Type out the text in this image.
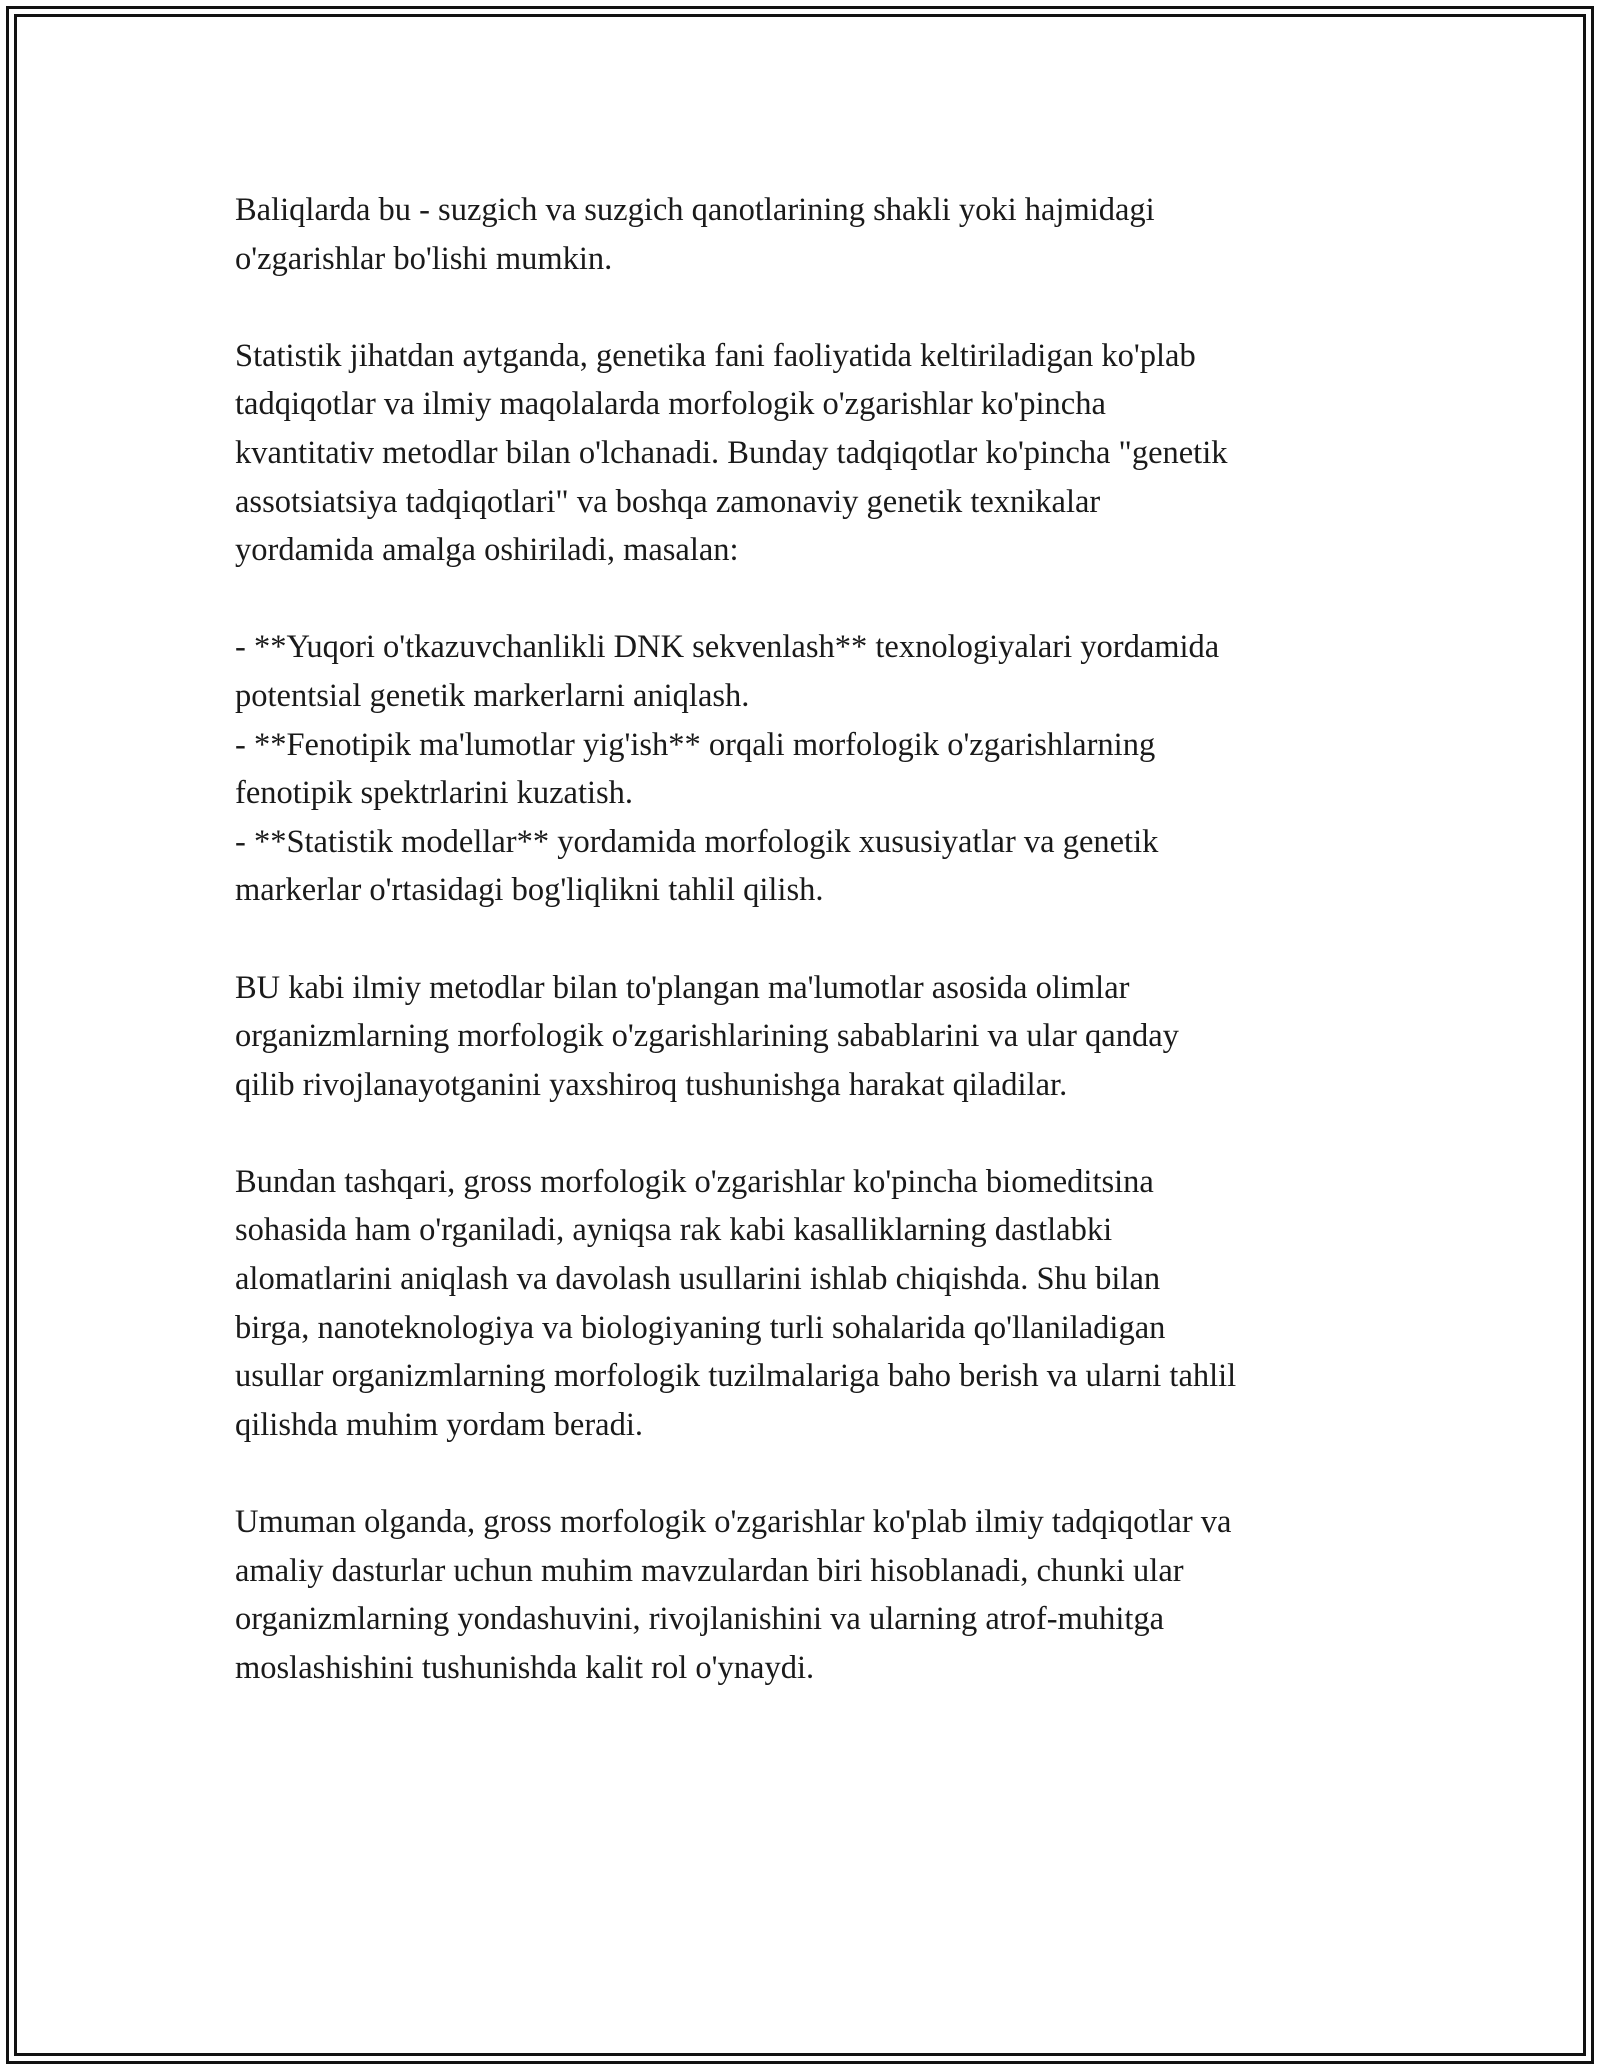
Baliqlarda bu - suzgich va suzgich qanotlarining shakli yoki hajmidagi
o'zgarishlar bo'lishi mumkin.

Statistik jihatdan aytganda, genetika fani faoliyatida keltiriladigan ko'plab
tadqiqotlar va ilmiy maqolalarda morfologik o'zgarishlar ko'pincha
kvantitativ metodlar bilan o'lchanadi. Bunday tadqiqotlar ko'pincha "genetik
assotsiatsiya tadqiqotlari" va boshqa zamonaviy genetik texnikalar
yordamida amalga oshiriladi, masalan:

- **Yuqori o'tkazuvchanlikli DNK sekvenlash** texnologiyalari yordamida
potentsial genetik markerlarni aniqlash.
- **Fenotipik ma'lumotlar yig'ish** orqali morfologik o'zgarishlarning
fenotipik spektrlarini kuzatish.
- **Statistik modellar** yordamida morfologik xususiyatlar va genetik
markerlar o'rtasidagi bog'liqlikni tahlil qilish.

BU kabi ilmiy metodlar bilan to'plangan ma'lumotlar asosida olimlar
organizmlarning morfologik o'zgarishlarining sabablarini va ular qanday
qilib rivojlanayotganini yaxshiroq tushunishga harakat qiladilar.

Bundan tashqari, gross morfologik o'zgarishlar ko'pincha biomeditsina
sohasida ham o'rganiladi, ayniqsa rak kabi kasalliklarning dastlabki
alomatlarini aniqlash va davolash usullarini ishlab chiqishda. Shu bilan
birga, nanoteknologiya va biologiyaning turli sohalarida qo'llaniladigan
usullar organizmlarning morfologik tuzilmalariga baho berish va ularni tahlil
qilishda muhim yordam beradi.

Umuman olganda, gross morfologik o'zgarishlar ko'plab ilmiy tadqiqotlar va
amaliy dasturlar uchun muhim mavzulardan biri hisoblanadi, chunki ular
organizmlarning yondashuvini, rivojlanishini va ularning atrof-muhitga
moslashishini tushunishda kalit rol o'ynaydi.
